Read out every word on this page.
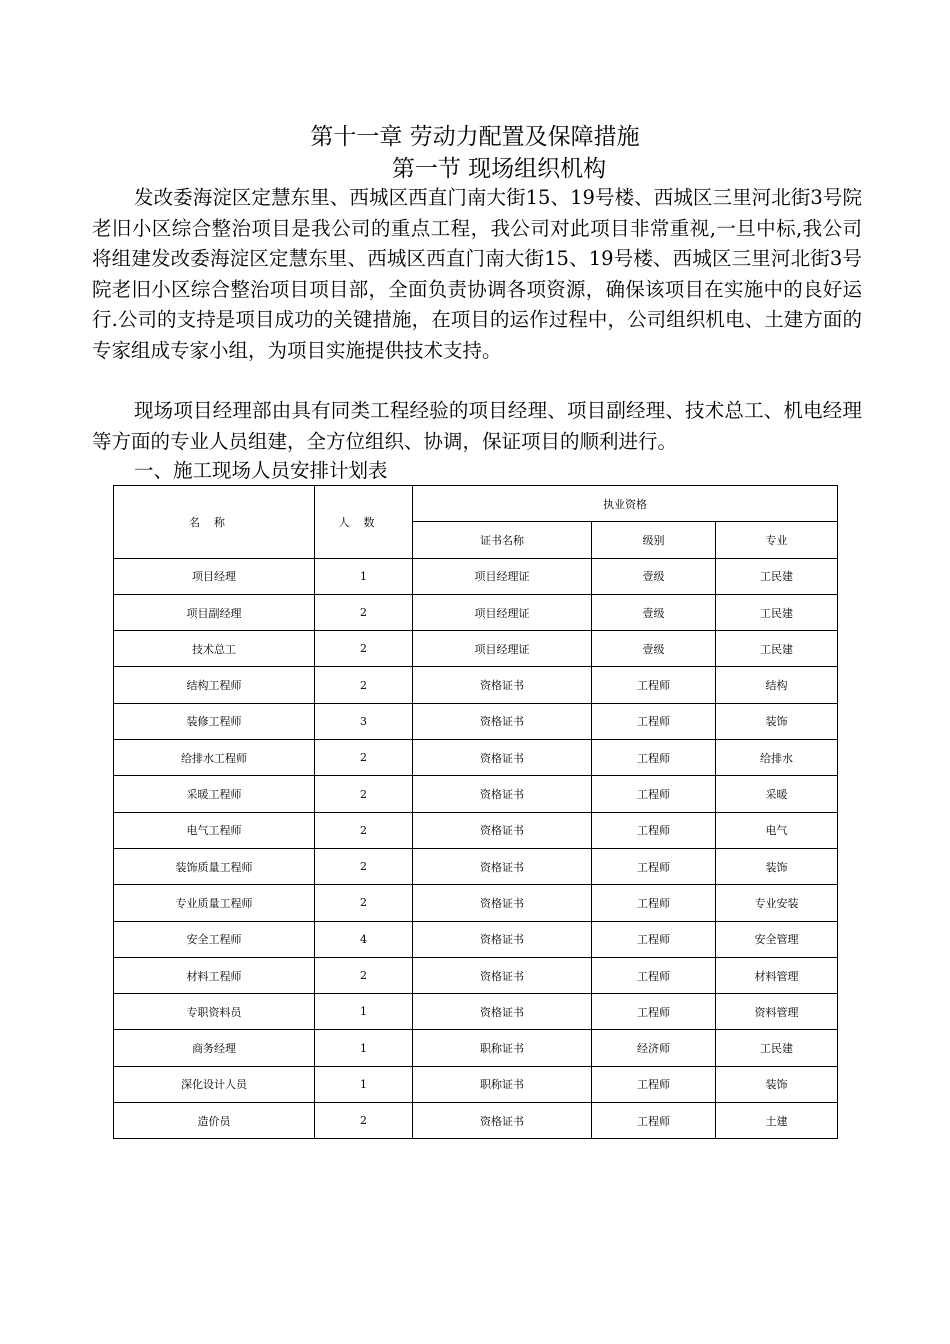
第十一章 劳动力配置及保障措施
第一节 现场组织机构

发改委海淀区定慧东里、西城区西直门南大街15、19号楼、西城区三里河北街3号院老旧小区综合整治项目是我公司的重点工程，我公司对此项目非常重视,一旦中标,我公司将组建发改委海淀区定慧东里、西城区西直门南大街15、19号楼、西城区三里河北街3号院老旧小区综合整治项目项目部，全面负责协调各项资源，确保该项目在实施中的良好运行.公司的支持是项目成功的关键措施，在项目的运作过程中，公司组织机电、土建方面的专家组成专家小组，为项目实施提供技术支持。

现场项目经理部由具有同类工程经验的项目经理、项目副经理、技术总工、机电经理等方面的专业人员组建，全方位组织、协调，保证项目的顺利进行。

一、施工现场人员安排计划表
名称	人数	执业资格		
		证书名称	级别	专业
项目经理	1	项目经理证	壹级	工民建
项目副经理	2	项目经理证	壹级	工民建
技术总工	2	项目经理证	壹级	工民建
结构工程师	2	资格证书	工程师	结构
装修工程师	3	资格证书	工程师	装饰
给排水工程师	2	资格证书	工程师	给排水
采暖工程师	2	资格证书	工程师	采暖
电气工程师	2	资格证书	工程师	电气
装饰质量工程师	2	资格证书	工程师	装饰
专业质量工程师	2	资格证书	工程师	专业安装
安全工程师	4	资格证书	工程师	安全管理
材料工程师	2	资格证书	工程师	材料管理
专职资料员	1	资格证书	工程师	资料管理
商务经理	1	职称证书	经济师	工民建
深化设计人员	1	职称证书	工程师	装饰
造价员	2	资格证书	工程师	土建
